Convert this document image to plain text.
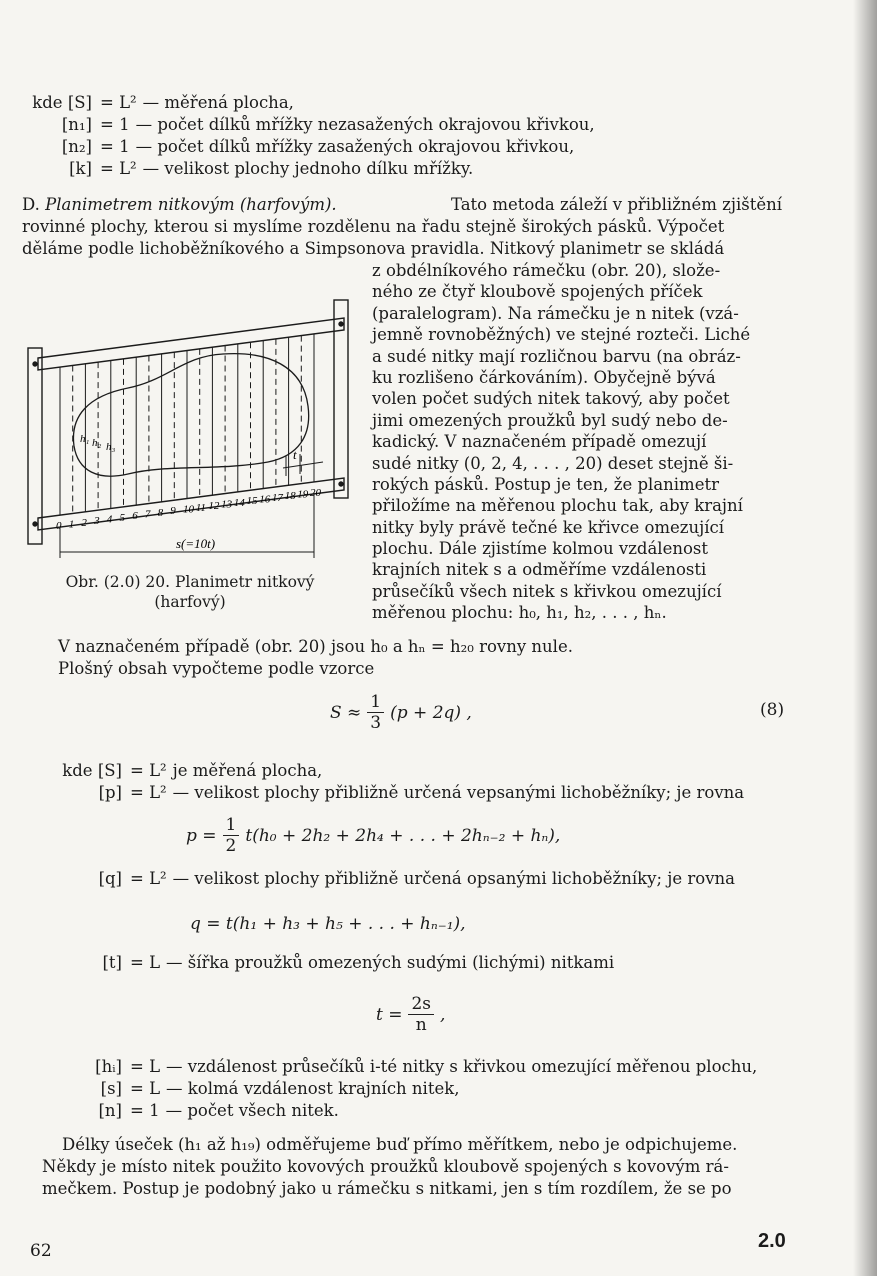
kde [S] = L² — měřená plocha,
[n₁] = 1 — počet dílků mřížky nezasažených okrajovou křivkou,
[n₂] = 1 — počet dílků mřížky zasažených okrajovou křivkou,
[k] = L² — velikost plochy jednoho dílku mřížky.
D. Planimetrem nitkovým (harfovým).	Tato metoda záleží v přibližném zjištění
rovinné plochy, kterou si myslíme rozdělenu na řadu stejně širokých pásků. Výpočet
děláme podle lichoběžníkového a Simpsonova pravidla. Nitkový planimetr se skládá
z obdélníkového rámečku (obr. 20), slože-
ného ze čtyř kloubově spojených příček
(paralelogram). Na rámečku je n nitek (vzá-
jemně rovnoběžných) ve stejné rozteči. Liché
a sudé nitky mají rozličnou barvu (na obráz-
ku rozlišeno čárkováním). Obyčejně bývá
volen počet sudých nitek takový, aby počet
jimi omezených proužků byl sudý nebo de-
kadický. V naznačeném případě omezují
sudé nitky (0, 2, 4, . . . , 20) deset stejně ši-
rokých pásků. Postup je ten, že planimetr
přiložíme na měřenou plochu tak, aby krajní
nitky byly právě tečné ke křivce omezující
plochu. Dále zjistíme kolmou vzdálenost
krajních nitek s a odměříme vzdálenosti
průsečíků všech nitek s křivkou omezující
měřenou plochu: h₀, h₁, h₂, . . . , hₙ.
t
h₁ h₂ h₃
0 1 2 3 4 5 6 7 8 9 10 11 12 13 14 15 16 17 18 19 20
s(=10t)
Obr. (2.0) 20. Planimetr nitkový
(harfový)
V naznačeném případě (obr. 20) jsou h₀ a hₙ = h₂₀ rovny nule.
Plošný obsah vypočteme podle vzorce
$S \approx \frac{1}{3} (p + 2q)$ ,	(8)
kde [S] = L² je měřená plocha,
[p] = L² — velikost plochy přibližně určená vepsanými lichoběžníky; je rovna
$p = \frac{1}{2} t(h_0 + 2h_2 + 2h_4$ + . . . + 2hₙ₋₂ + hₙ),
[q] = L² — velikost plochy přibližně určená opsanými lichoběžníky; je rovna
q = t(h₁ + h₃ + h₅ + . . . + hₙ₋₁),
[t] = L — šířka proužků omezených sudými (lichými) nitkami
$t = \frac{2s}{n}$ ,
[hᵢ] = L — vzdálenost průsečíků i-té nitky s křivkou omezující měřenou plochu,
[s] = L — kolmá vzdálenost krajních nitek,
[n] = 1 — počet všech nitek.
Délky úseček (h₁ až h₁₉) odměřujeme buď přímo měřítkem, nebo je odpichujeme.
Někdy je místo nitek použito kovových proužků kloubově spojených s kovovým rá-
mečkem. Postup je podobný jako u rámečku s nitkami, jen s tím rozdílem, že se po
62	2.0
